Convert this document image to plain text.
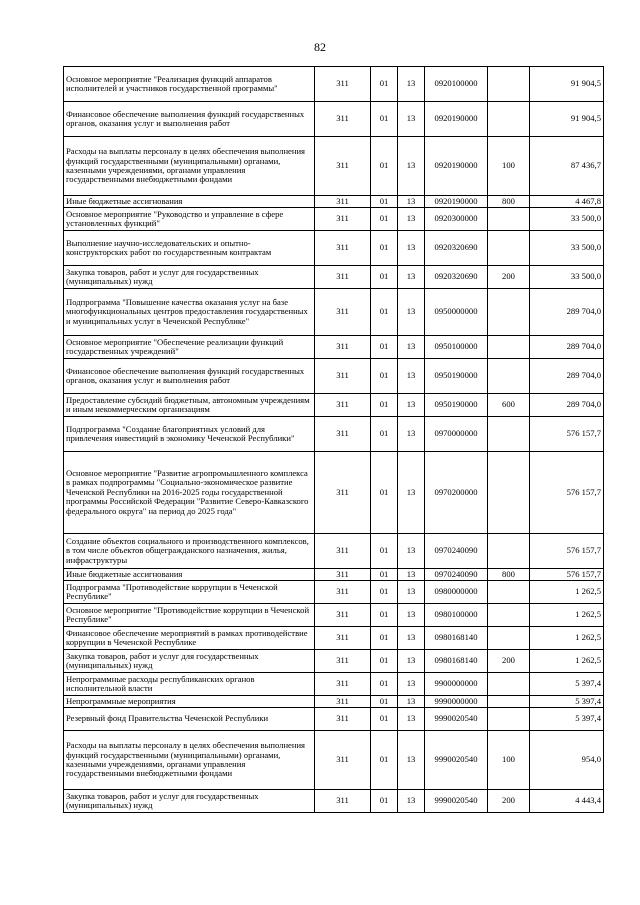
82
Основное мероприятие "Реализация функций аппаратов исполнителей и участников государственной программы"	311	01	13	0920100000		91 904,5
Финансовое обеспечение выполнения функций государственных органов, оказания услуг и выполнения работ	311	01	13	0920190000		91 904,5
Расходы на выплаты персоналу в целях обеспечения выполнения функций государственными (муниципальными) органами, казенными учреждениями, органами управления государственными внебюджетными фондами	311	01	13	0920190000	100	87 436,7
Иные бюджетные ассигнования	311	01	13	0920190000	800	4 467,8
Основное мероприятие "Руководство и управление в сфере установленных функций"	311	01	13	0920300000		33 500,0
Выполнение научно-исследовательских и опытно-конструкторских работ по государственным контрактам	311	01	13	0920320690		33 500,0
Закупка товаров, работ и услуг для государственных (муниципальных) нужд	311	01	13	0920320690	200	33 500,0
Подпрограмма "Повышение качества оказания услуг на базе многофункциональных центров предоставления государственных и муниципальных услуг в Чеченской Республике"	311	01	13	0950000000		289 704,0
Основное мероприятие "Обеспечение реализации функций государственных учреждений"	311	01	13	0950100000		289 704,0
Финансовое обеспечение выполнения функций государственных органов, оказания услуг и выполнения работ	311	01	13	0950190000		289 704,0
Предоставление субсидий бюджетным, автономным учреждениям и иным некоммерческим организациям	311	01	13	0950190000	600	289 704,0
Подпрограмма "Создание благоприятных условий для привлечения инвестиций в экономику Чеченской Республики"	311	01	13	0970000000		576 157,7
Основное мероприятие "Развитие агропромышленного комплекса в рамках подпрограммы "Социально-экономическое развитие Чеченской Республики на 2016-2025 годы государственной программы Российской Федерации "Развитие Северо-Кавказского федерального округа" на период до 2025 года"	311	01	13	0970200000		576 157,7
Создание объектов социального и производственного комплексов, в том числе объектов общегражданского назначения, жилья, инфраструктуры	311	01	13	0970240090		576 157,7
Иные бюджетные ассигнования	311	01	13	0970240090	800	576 157,7
Подпрограмма "Противодействие коррупции в Чеченской Республике"	311	01	13	0980000000		1 262,5
Основное мероприятие "Противодействие коррупции в Чеченской Республике"	311	01	13	0980100000		1 262,5
Финансовое обеспечение мероприятий в рамках противодействие коррупции в Чеченской Республике	311	01	13	0980168140		1 262,5
Закупка товаров, работ и услуг для государственных (муниципальных) нужд	311	01	13	0980168140	200	1 262,5
Непрограммные расходы республиканских органов исполнительной власти	311	01	13	9900000000		5 397,4
Непрограммные мероприятия	311	01	13	9990000000		5 397,4
Резервный фонд Правительства Чеченской Республики	311	01	13	9990020540		5 397,4
Расходы на выплаты персоналу в целях обеспечения выполнения функций государственными (муниципальными) органами, казенными учреждениями, органами управления государственными внебюджетными фондами	311	01	13	9990020540	100	954,0
Закупка товаров, работ и услуг для государственных (муниципальных) нужд	311	01	13	9990020540	200	4 443,4
